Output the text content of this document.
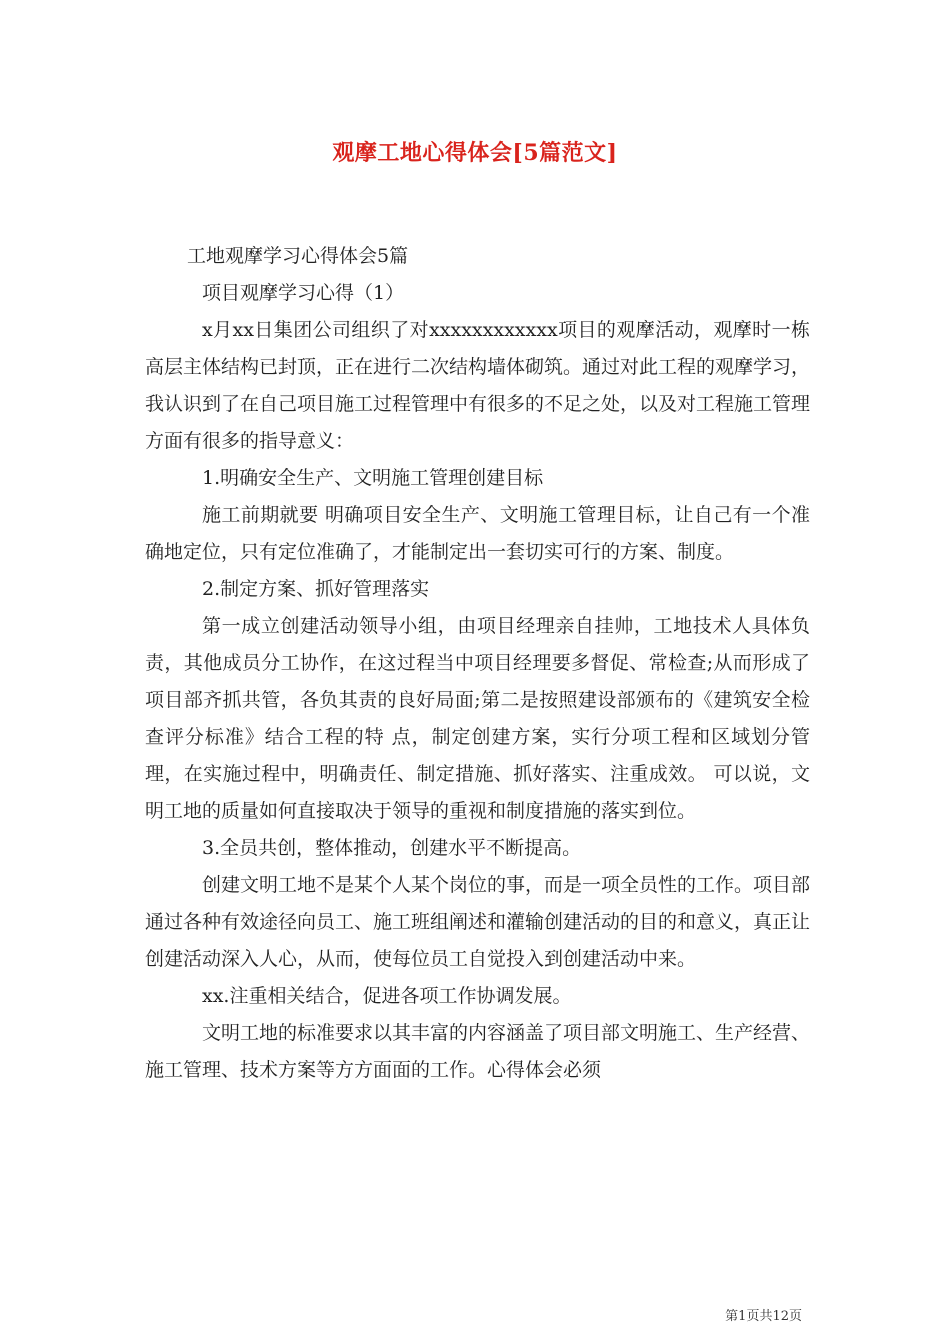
观摩工地心得体会[5篇范文]

工地观摩学习心得体会5篇

项目观摩学习心得（1）

x月xx日集团公司组织了对xxxxxxxxxxxx项目的观摩活动，观摩时一栋高层主体结构已封顶，正在进行二次结构墙体砌筑。通过对此工程的观摩学习，我认识到了在自己项目施工过程管理中有很多的不足之处，以及对工程施工管理方面有很多的指导意义：

1.明确安全生产、文明施工管理创建目标

施工前期就要 明确项目安全生产、文明施工管理目标，让自己有一个准确地定位，只有定位准确了，才能制定出一套切实可行的方案、制度。

2.制定方案、抓好管理落实

第一成立创建活动领导小组，由项目经理亲自挂帅，工地技术人具体负责，其他成员分工协作，在这过程当中项目经理要多督促、常检查;从而形成了项目部齐抓共管，各负其责的良好局面;第二是按照建设部颁布的《建筑安全检查评分标准》结合工程的特 点，制定创建方案，实行分项工程和区域划分管理，在实施过程中，明确责任、制定措施、抓好落实、注重成效。 可以说，文明工地的质量如何直接取决于领导的重视和制度措施的落实到位。

3.全员共创，整体推动，创建水平不断提高。

创建文明工地不是某个人某个岗位的事，而是一项全员性的工作。项目部通过各种有效途径向员工、施工班组阐述和灌输创建活动的目的和意义，真正让创建活动深入人心，从而，使每位员工自觉投入到创建活动中来。

xx.注重相关结合，促进各项工作协调发展。

文明工地的标准要求以其丰富的内容涵盖了项目部文明施工、生产经营、施工管理、技术方案等方方面面的工作。心得体会必须

第1页共12页
